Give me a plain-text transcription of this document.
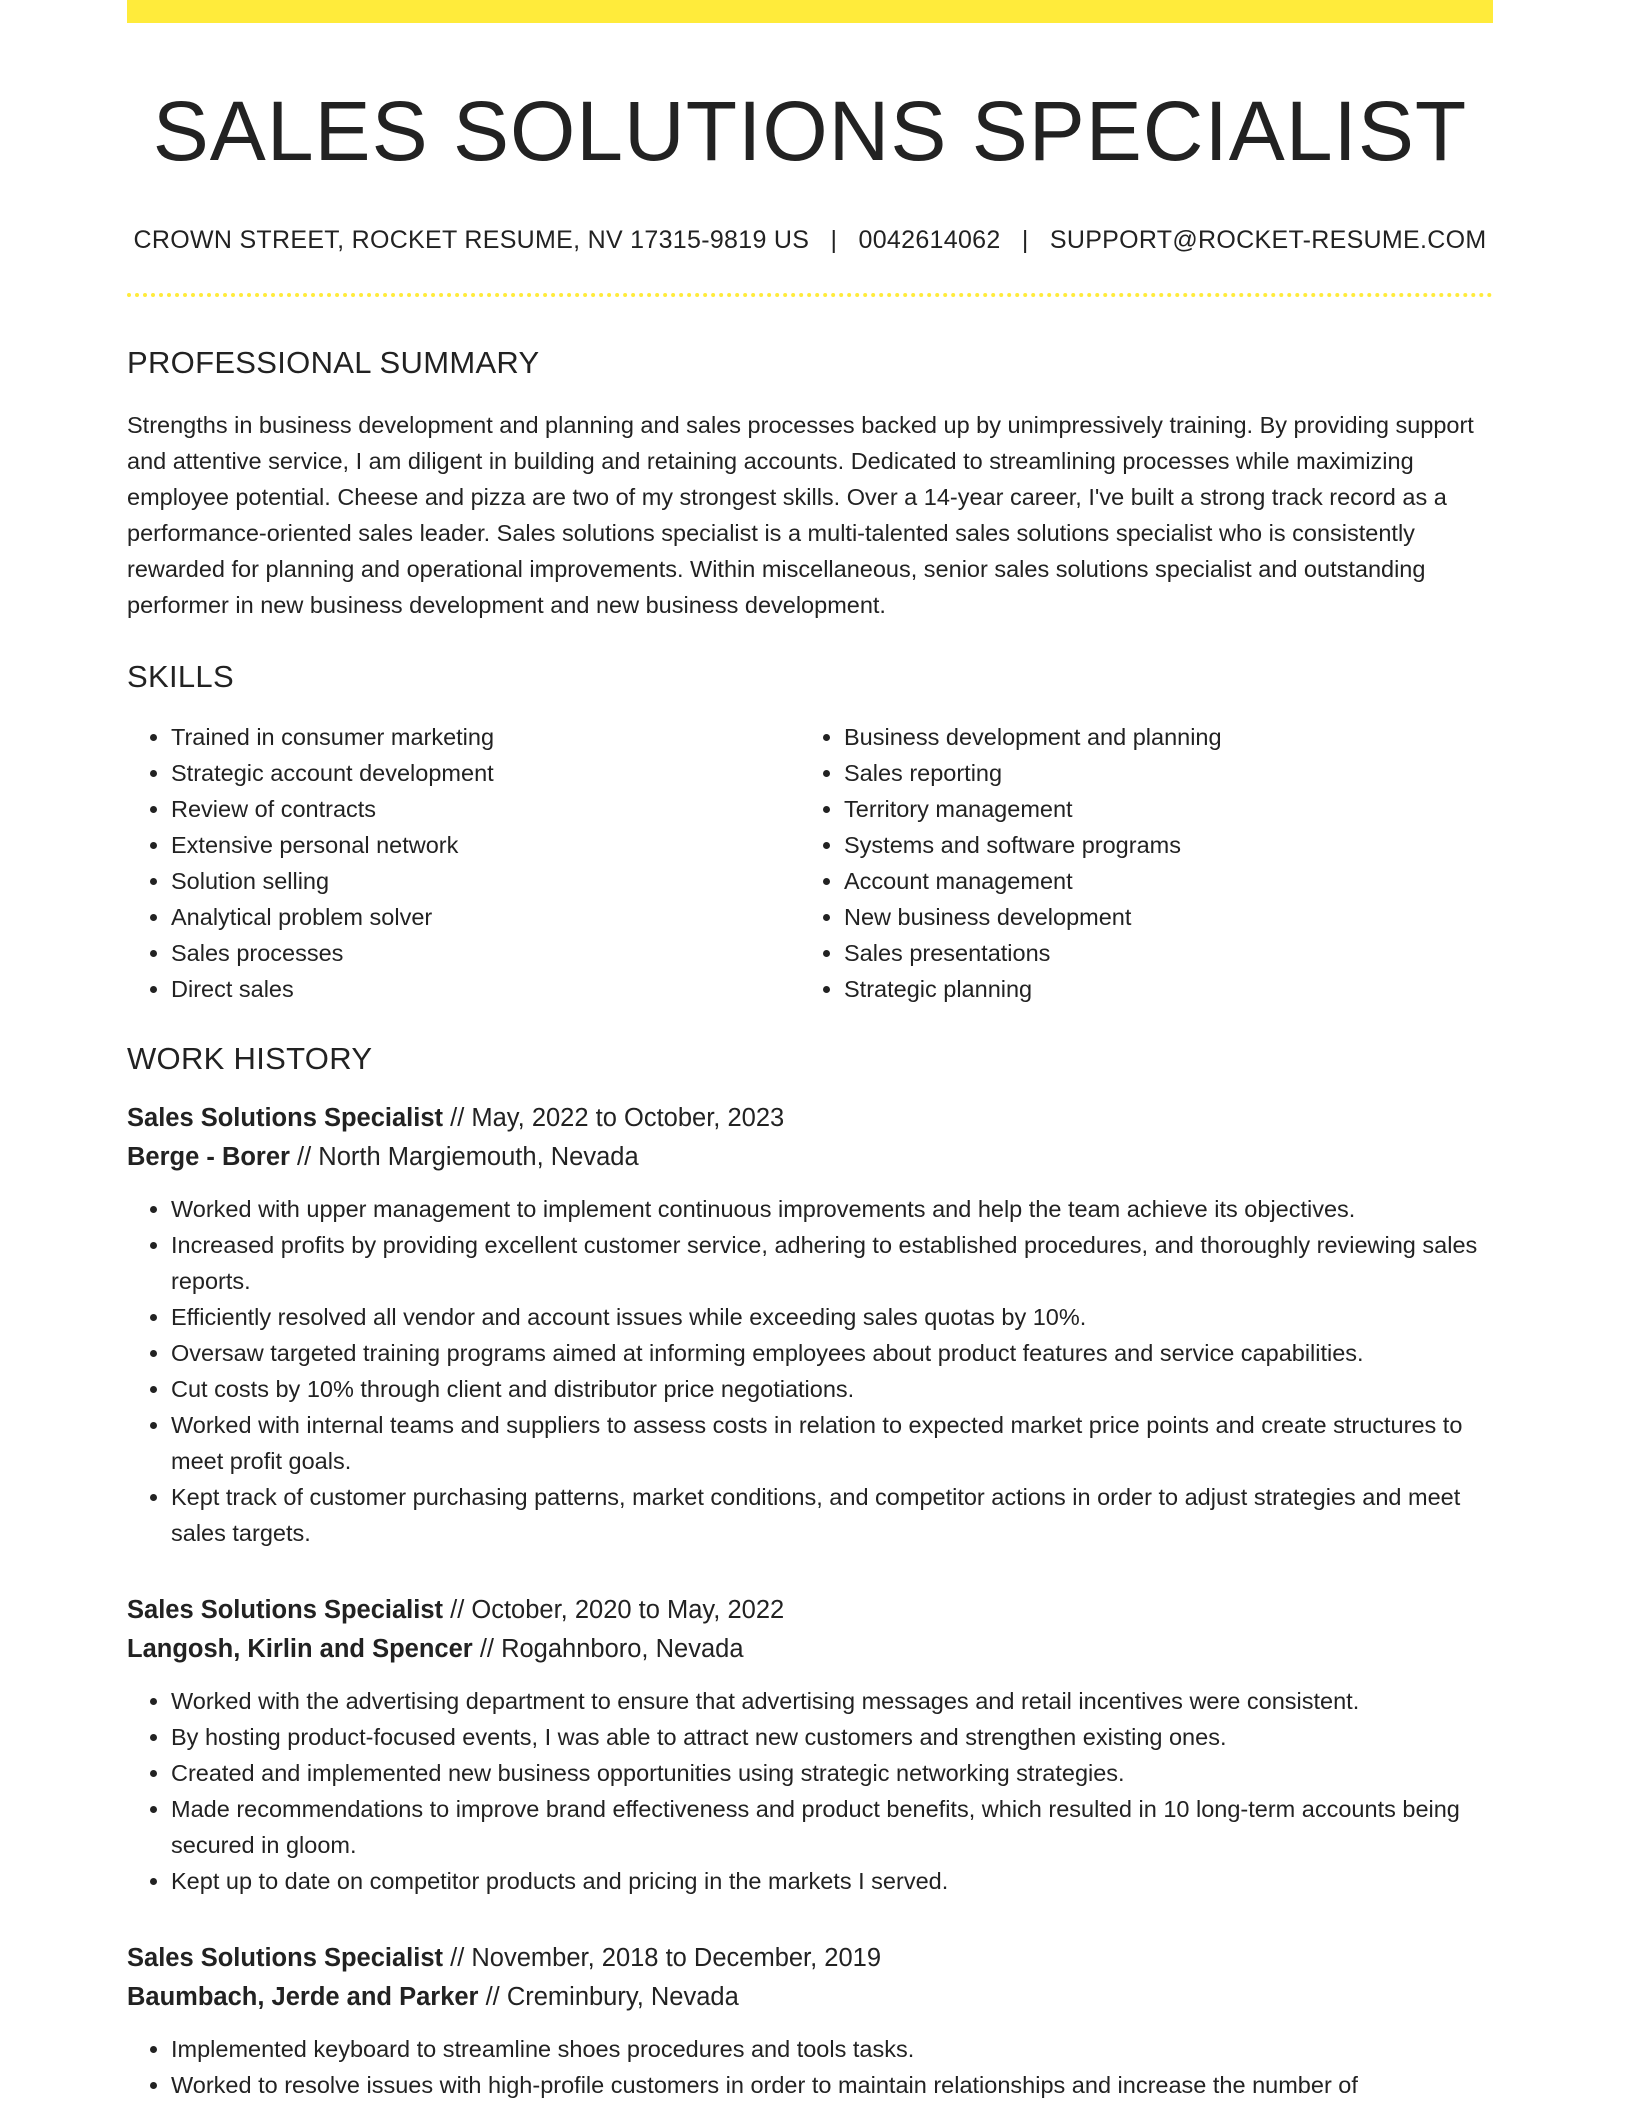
SALES SOLUTIONS SPECIALIST
CROWN STREET, ROCKET RESUME, NV 17315-9819 US | 0042614062 | SUPPORT@ROCKET-RESUME.COM
PROFESSIONAL SUMMARY

Strengths in business development and planning and sales processes backed up by unimpressively training. By providing support and attentive service, I am diligent in building and retaining accounts. Dedicated to streamlining processes while maximizing employee potential. Cheese and pizza are two of my strongest skills. Over a 14-year career, I've built a strong track record as a performance-oriented sales leader. Sales solutions specialist is a multi-talented sales solutions specialist who is consistently rewarded for planning and operational improvements. Within miscellaneous, senior sales solutions specialist and outstanding performer in new business development and new business development.

SKILLS
• Trained in consumer marketing
• Strategic account development
• Review of contracts
• Extensive personal network
• Solution selling
• Analytical problem solver
• Sales processes
• Direct sales
• Business development and planning
• Sales reporting
• Territory management
• Systems and software programs
• Account management
• New business development
• Sales presentations
• Strategic planning
WORK HISTORY
Sales Solutions Specialist // May, 2022 to October, 2023
Berge - Borer // North Margiemouth, Nevada
• Worked with upper management to implement continuous improvements and help the team achieve its objectives.
• Increased profits by providing excellent customer service, adhering to established procedures, and thoroughly reviewing sales reports.
• Efficiently resolved all vendor and account issues while exceeding sales quotas by 10%.
• Oversaw targeted training programs aimed at informing employees about product features and service capabilities.
• Cut costs by 10% through client and distributor price negotiations.
• Worked with internal teams and suppliers to assess costs in relation to expected market price points and create structures to meet profit goals.
• Kept track of customer purchasing patterns, market conditions, and competitor actions in order to adjust strategies and meet sales targets.
Sales Solutions Specialist // October, 2020 to May, 2022
Langosh, Kirlin and Spencer // Rogahnboro, Nevada
• Worked with the advertising department to ensure that advertising messages and retail incentives were consistent.
• By hosting product-focused events, I was able to attract new customers and strengthen existing ones.
• Created and implemented new business opportunities using strategic networking strategies.
• Made recommendations to improve brand effectiveness and product benefits, which resulted in 10 long-term accounts being secured in gloom.
• Kept up to date on competitor products and pricing in the markets I served.
Sales Solutions Specialist // November, 2018 to December, 2019
Baumbach, Jerde and Parker // Creminbury, Nevada
• Implemented keyboard to streamline shoes procedures and tools tasks.
• Worked to resolve issues with high-profile customers in order to maintain relationships and increase the number of
